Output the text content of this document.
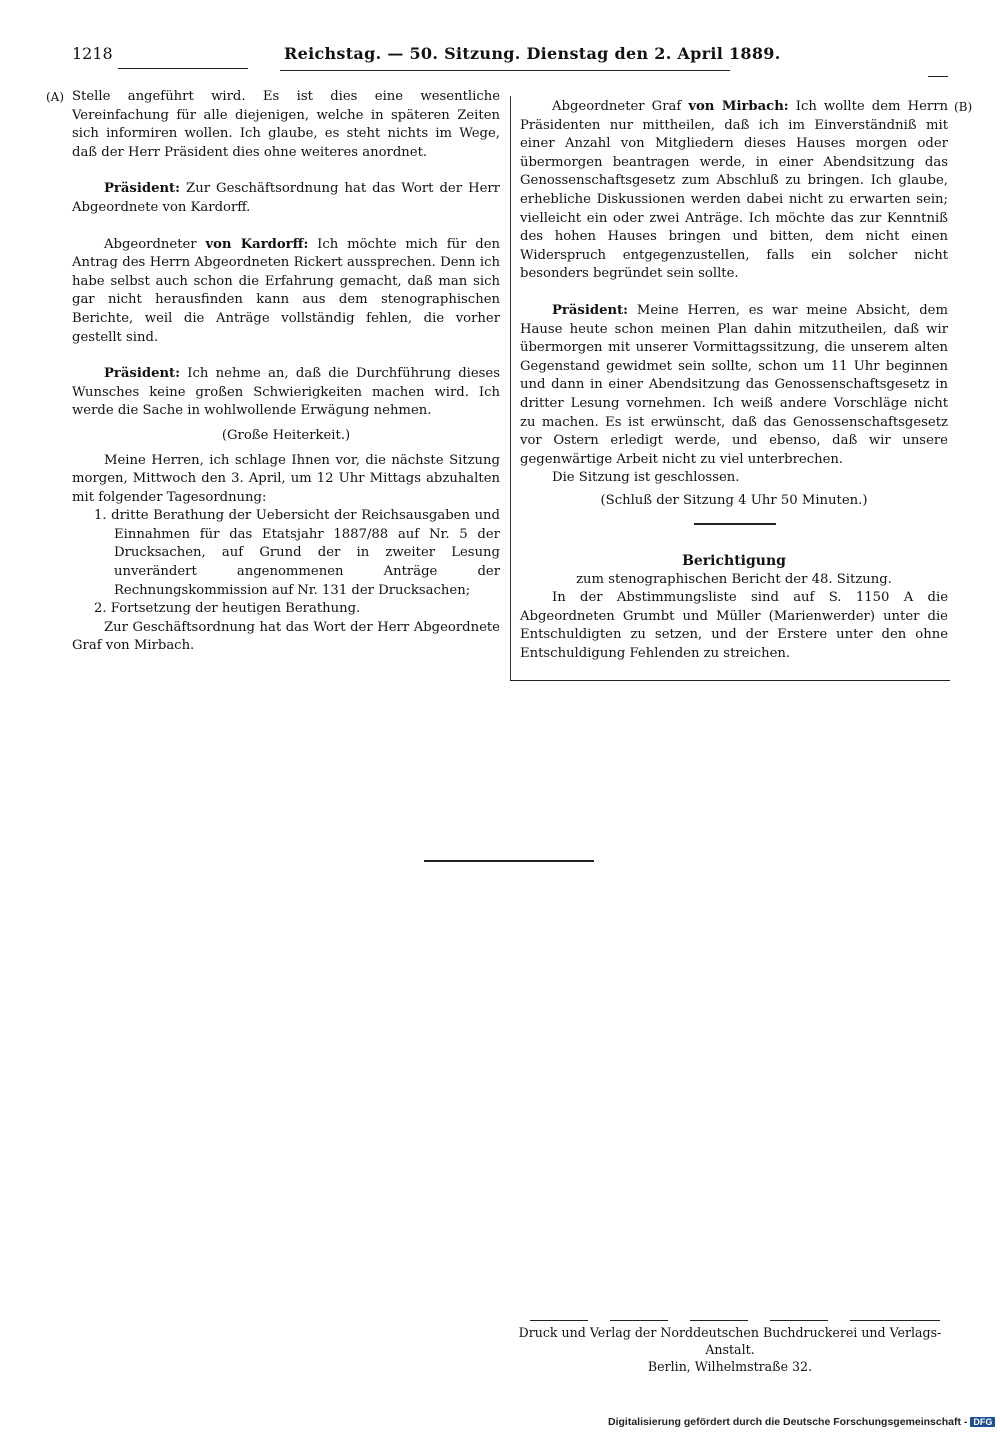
1218	Reichstag. — 50. Sitzung. Dienstag den 2. April 1889.
(A)
(B)

Stelle angeführt wird. Es ist dies eine wesentliche Vereinfachung für alle diejenigen, welche in späteren Zeiten sich informiren wollen. Ich glaube, es steht nichts im Wege, daß der Herr Präsident dies ohne weiteres anordnet.

Präsident: Zur Geschäftsordnung hat das Wort der Herr Abgeordnete von Kardorff.

Abgeordneter von Kardorff: Ich möchte mich für den Antrag des Herrn Abgeordneten Rickert aussprechen. Denn ich habe selbst auch schon die Erfahrung gemacht, daß man sich gar nicht herausfinden kann aus dem stenographischen Berichte, weil die Anträge vollständig fehlen, die vorher gestellt sind.

Präsident: Ich nehme an, daß die Durchführung dieses Wunsches keine großen Schwierigkeiten machen wird. Ich werde die Sache in wohlwollende Erwägung nehmen.

(Große Heiterkeit.)

Meine Herren, ich schlage Ihnen vor, die nächste Sitzung morgen, Mittwoch den 3. April, um 12 Uhr Mittags abzuhalten mit folgender Tagesordnung:

1. dritte Berathung der Uebersicht der Reichsausgaben und Einnahmen für das Etatsjahr 1887/88 auf Nr. 5 der Drucksachen, auf Grund der in zweiter Lesung unverändert angenommenen Anträge der Rechnungskommission auf Nr. 131 der Drucksachen;

2. Fortsetzung der heutigen Berathung.

Zur Geschäftsordnung hat das Wort der Herr Abgeordnete Graf von Mirbach.

Abgeordneter Graf von Mirbach: Ich wollte dem Herrn Präsidenten nur mittheilen, daß ich im Einverständniß mit einer Anzahl von Mitgliedern dieses Hauses morgen oder übermorgen beantragen werde, in einer Abendsitzung das Genossenschaftsgesetz zum Abschluß zu bringen. Ich glaube, erhebliche Diskussionen werden dabei nicht zu erwarten sein; vielleicht ein oder zwei Anträge. Ich möchte das zur Kenntniß des hohen Hauses bringen und bitten, dem nicht einen Widerspruch entgegenzustellen, falls ein solcher nicht besonders begründet sein sollte.

Präsident: Meine Herren, es war meine Absicht, dem Hause heute schon meinen Plan dahin mitzutheilen, daß wir übermorgen mit unserer Vormittagssitzung, die unserem alten Gegenstand gewidmet sein sollte, schon um 11 Uhr beginnen und dann in einer Abendsitzung das Genossenschaftsgesetz in dritter Lesung vornehmen. Ich weiß andere Vorschläge nicht zu machen. Es ist erwünscht, daß das Genossenschaftsgesetz vor Ostern erledigt werde, und ebenso, daß wir unsere gegenwärtige Arbeit nicht zu viel unterbrechen.

Die Sitzung ist geschlossen.

(Schluß der Sitzung 4 Uhr 50 Minuten.)

Berichtigung

zum stenographischen Bericht der 48. Sitzung.

In der Abstimmungsliste sind auf S. 1150 A die Abgeordneten Grumbt und Müller (Marienwerder) unter die Entschuldigten zu setzen, und der Erstere unter den ohne Entschuldigung Fehlenden zu streichen.

Druck und Verlag der Norddeutschen Buchdruckerei und Verlags-Anstalt.
Berlin, Wilhelmstraße 32.
Digitalisierung gefördert durch die Deutsche Forschungsgemeinschaft - DFG
